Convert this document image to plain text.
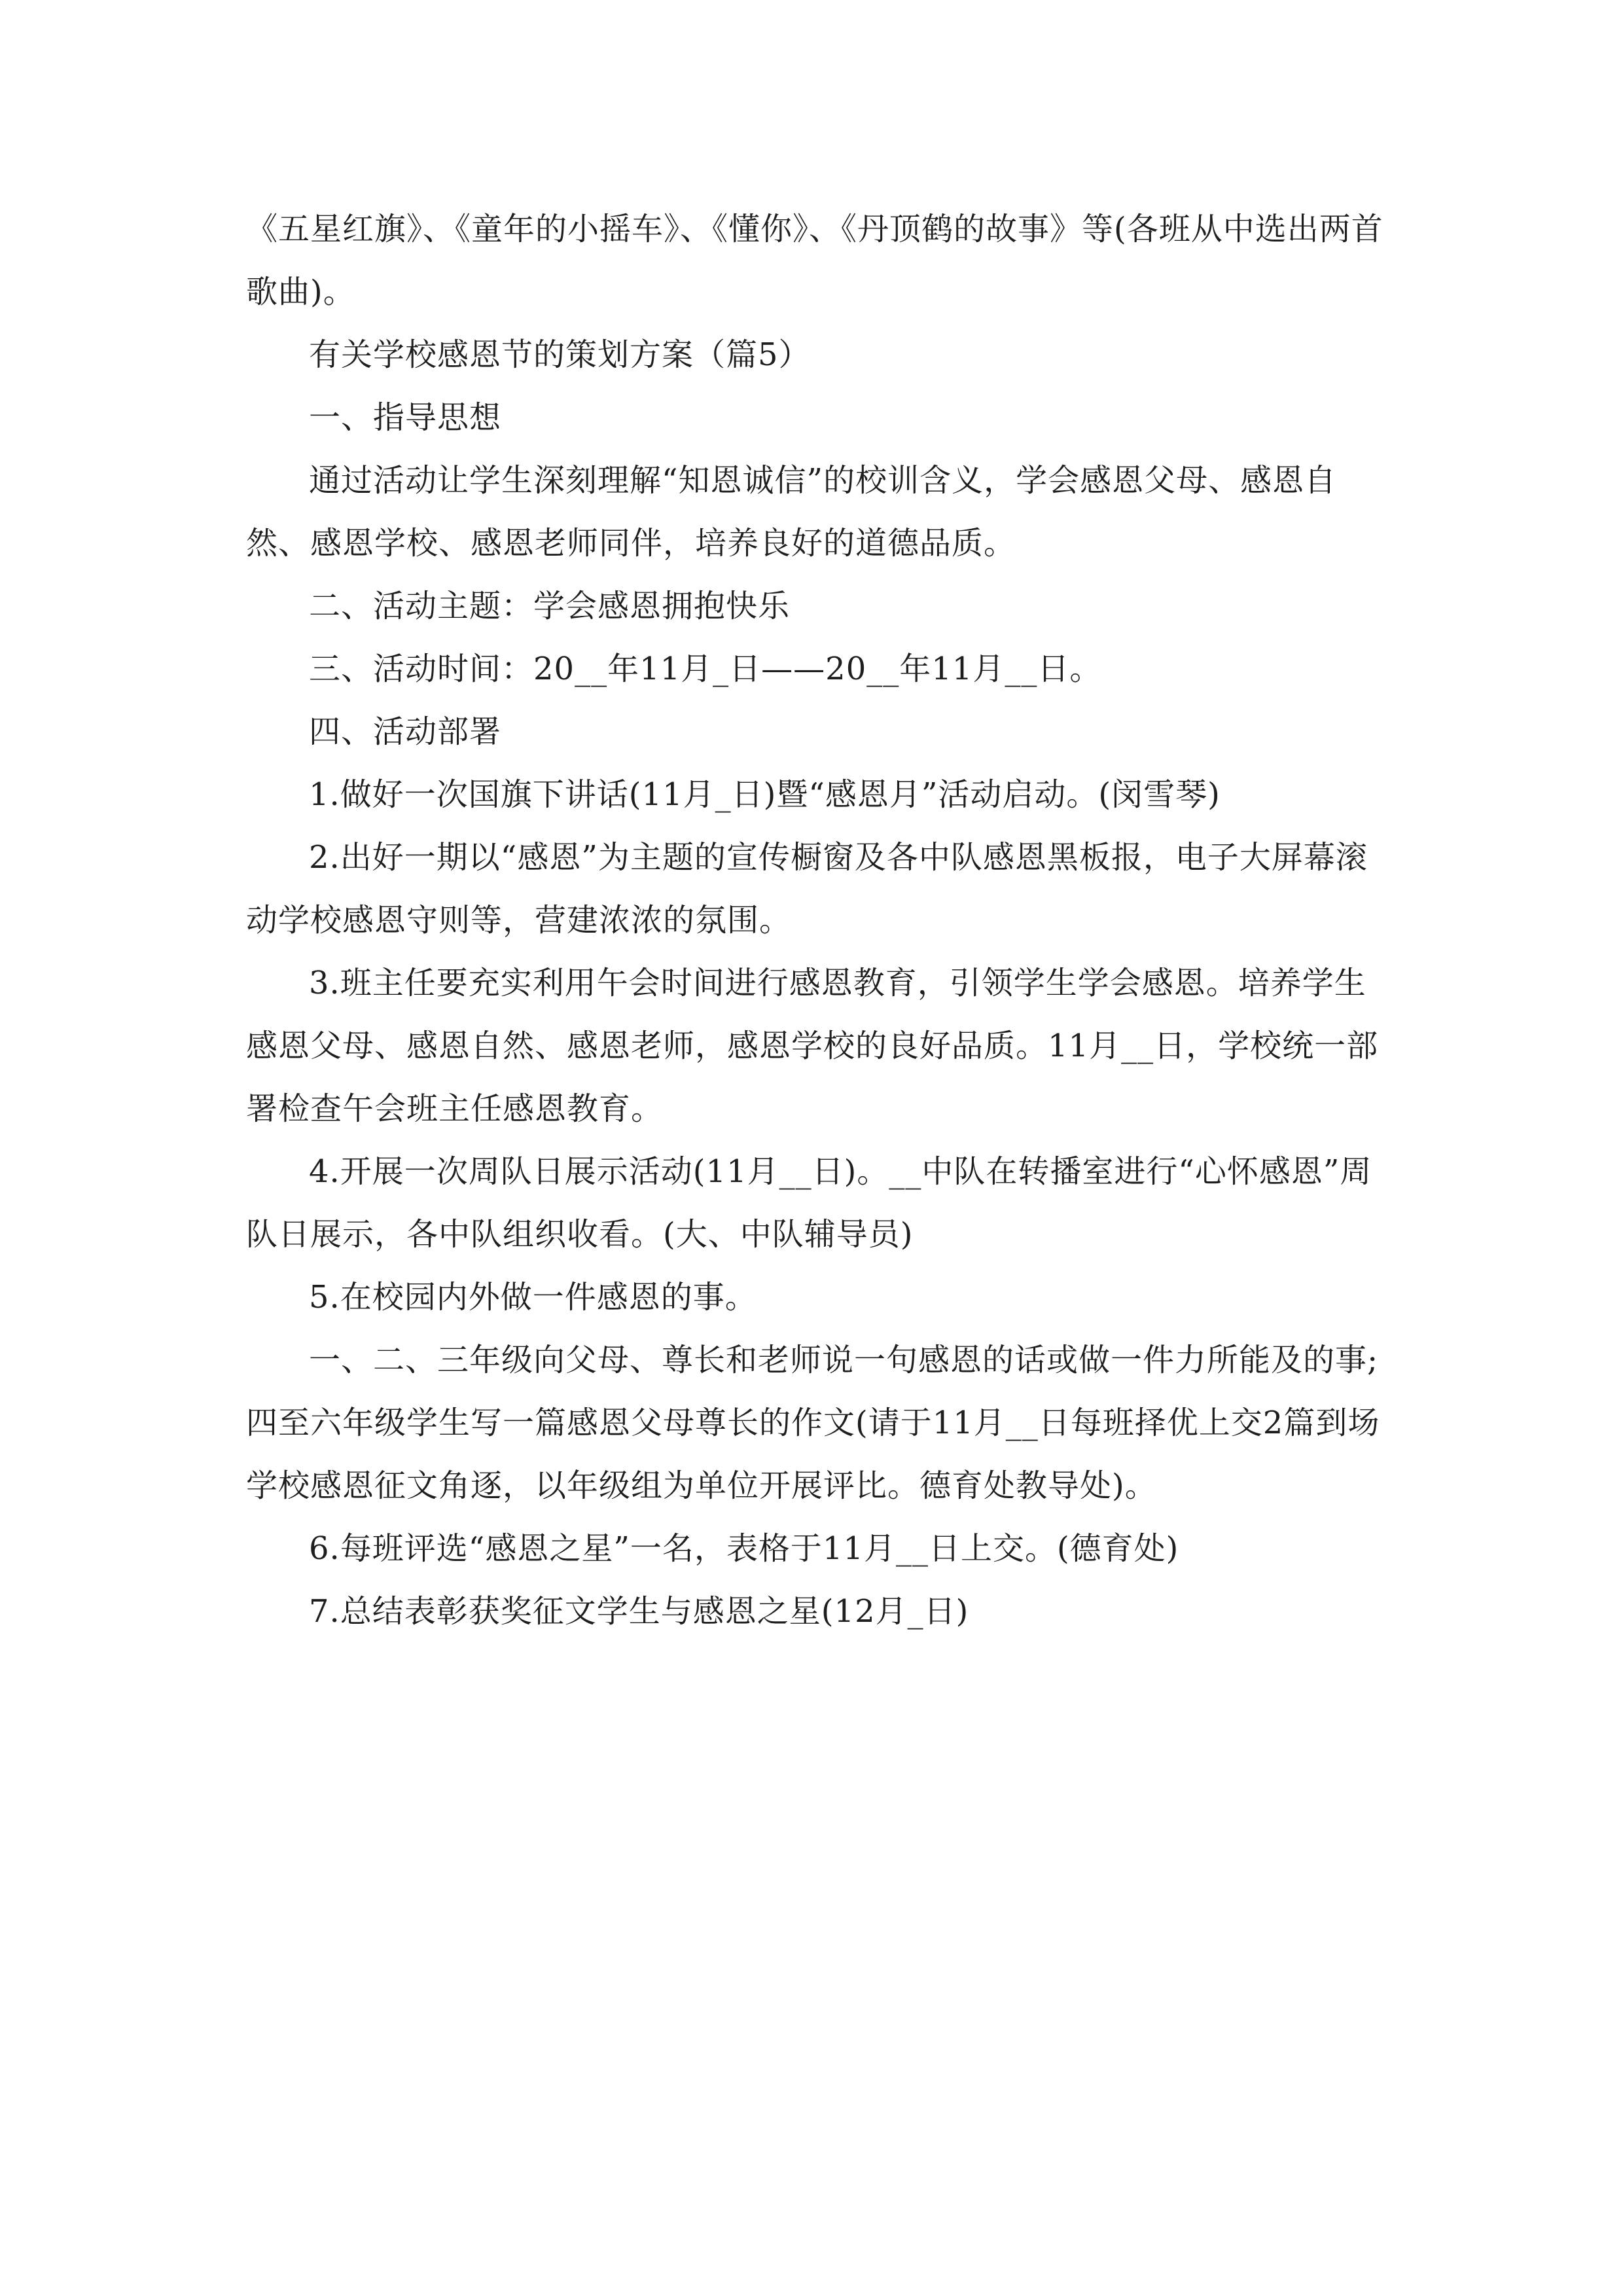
《五星红旗》、《童年的小摇车》、《懂你》、《丹顶鹤的故事》等(各班从中选出两首歌曲)。

有关学校感恩节的策划方案（篇5）

一、指导思想

通过活动让学生深刻理解“知恩诚信”的校训含义，学会感恩父母、感恩自然、感恩学校、感恩老师同伴，培养良好的道德品质。

二、活动主题：学会感恩拥抱快乐

三、活动时间：20__年11月_日——20__年11月__日。

四、活动部署

1.做好一次国旗下讲话(11月_日)暨“感恩月”活动启动。(闵雪琴)

2.出好一期以“感恩”为主题的宣传橱窗及各中队感恩黑板报，电子大屏幕滚动学校感恩守则等，营建浓浓的氛围。

3.班主任要充实利用午会时间进行感恩教育，引领学生学会感恩。培养学生感恩父母、感恩自然、感恩老师，感恩学校的良好品质。11月__日，学校统一部署检查午会班主任感恩教育。

4.开展一次周队日展示活动(11月__日)。__中队在转播室进行“心怀感恩”周队日展示，各中队组织收看。(大、中队辅导员)

5.在校园内外做一件感恩的事。

一、二、三年级向父母、尊长和老师说一句感恩的话或做一件力所能及的事;四至六年级学生写一篇感恩父母尊长的作文(请于11月__日每班择优上交2篇到场学校感恩征文角逐，以年级组为单位开展评比。德育处教导处)。

6.每班评选“感恩之星”一名，表格于11月__日上交。(德育处)

7.总结表彰获奖征文学生与感恩之星(12月_日)
